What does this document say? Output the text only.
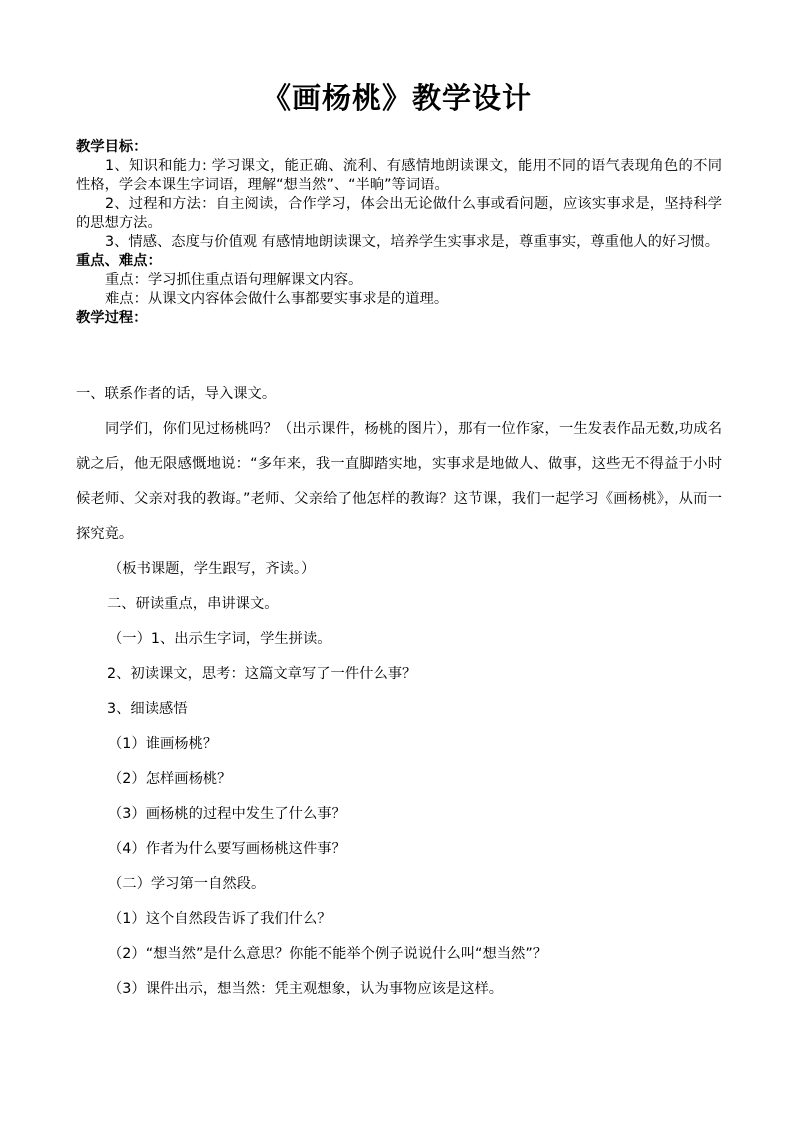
《画杨桃》教学设计
教学目标：
1、知识和能力: 学习课文，能正确、流利、有感情地朗读课文，能用不同的语气表现角色的不同性格，学会本课生字词语，理解“想当然”、“半晌”等词语。
2、过程和方法：自主阅读，合作学习，体会出无论做什么事或看问题，应该实事求是，坚持科学的思想方法。
3、情感、态度与价值观 有感情地朗读课文，培养学生实事求是，尊重事实，尊重他人的好习惯。
重点、难点：
重点：学习抓住重点语句理解课文内容。
难点：从课文内容体会做什么事都要实事求是的道理。
教学过程：
一、联系作者的话，导入课文。
同学们，你们见过杨桃吗？（出示课件，杨桃的图片），那有一位作家，一生发表作品无数,功成名就之后，他无限感慨地说：“多年来，我一直脚踏实地，实事求是地做人、做事，这些无不得益于小时候老师、父亲对我的教诲。”老师、父亲给了他怎样的教诲？这节课，我们一起学习《画杨桃》，从而一探究竟。
（板书课题，学生跟写，齐读。）
二、研读重点，串讲课文。
（一）1、出示生字词，学生拼读。
2、初读课文，思考：这篇文章写了一件什么事？
3、细读感悟
（1）谁画杨桃？
（2）怎样画杨桃？
（3）画杨桃的过程中发生了什么事？
（4）作者为什么要写画杨桃这件事？
（二）学习第一自然段。
（1）这个自然段告诉了我们什么？
（2）“想当然”是什么意思？你能不能举个例子说说什么叫“想当然”？
（3）课件出示，想当然：凭主观想象，认为事物应该是这样。
